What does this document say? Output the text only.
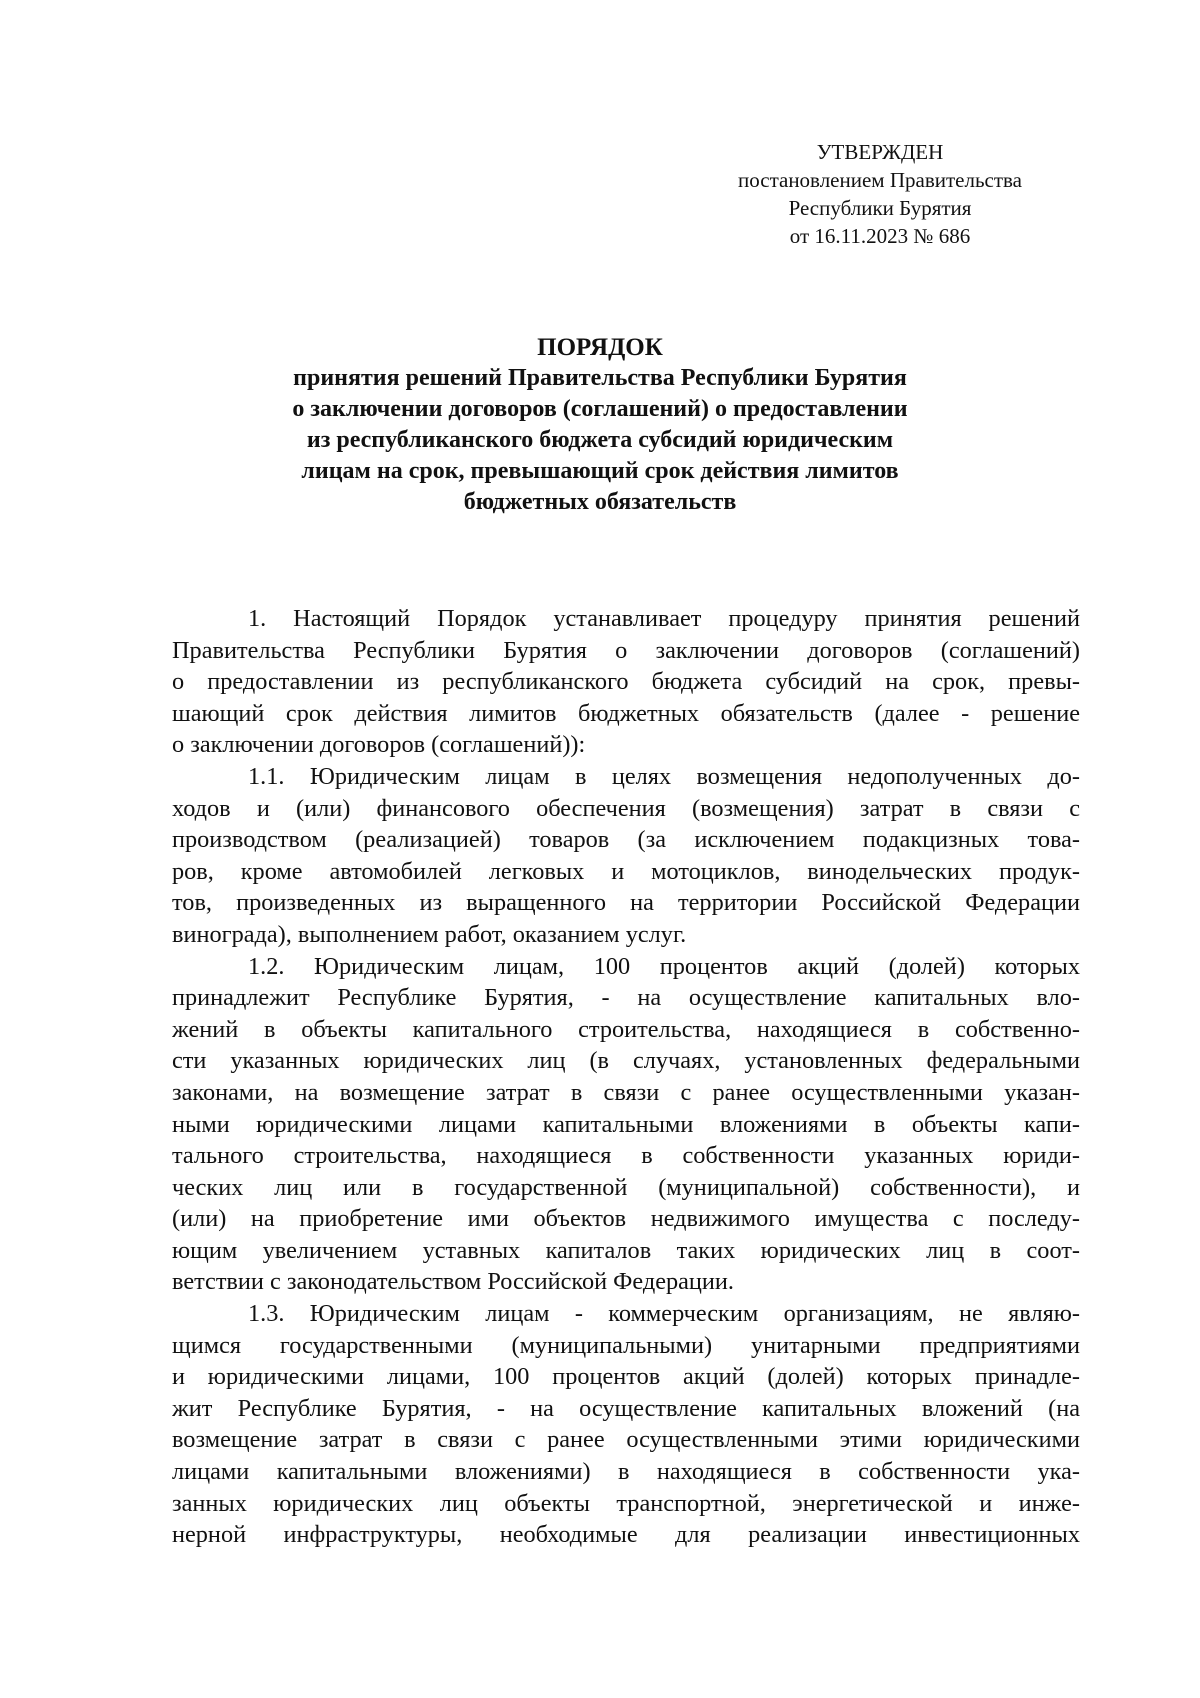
УТВЕРЖДЕН
постановлением Правительства
Республики Бурятия
от 16.11.2023 № 686
ПОРЯДОК
принятия решений Правительства Республики Бурятия
о заключении договоров (соглашений) о предоставлении
из республиканского бюджета субсидий юридическим
лицам на срок, превышающий срок действия лимитов
бюджетных обязательств
1. Настоящий Порядок устанавливает процедуру принятия решений
Правительства Республики Бурятия о заключении договоров (соглашений)
о предоставлении из республиканского бюджета субсидий на срок, превы-
шающий срок действия лимитов бюджетных обязательств (далее - решение
о заключении договоров (соглашений)):
1.1. Юридическим лицам в целях возмещения недополученных до-
ходов и (или) финансового обеспечения (возмещения) затрат в связи с
производством (реализацией) товаров (за исключением подакцизных това-
ров, кроме автомобилей легковых и мотоциклов, винодельческих продук-
тов, произведенных из выращенного на территории Российской Федерации
винограда), выполнением работ, оказанием услуг.
1.2. Юридическим лицам, 100 процентов акций (долей) которых
принадлежит Республике Бурятия, - на осуществление капитальных вло-
жений в объекты капитального строительства, находящиеся в собственно-
сти указанных юридических лиц (в случаях, установленных федеральными
законами, на возмещение затрат в связи с ранее осуществленными указан-
ными юридическими лицами капитальными вложениями в объекты капи-
тального строительства, находящиеся в собственности указанных юриди-
ческих лиц или в государственной (муниципальной) собственности), и
(или) на приобретение ими объектов недвижимого имущества с последу-
ющим увеличением уставных капиталов таких юридических лиц в соот-
ветствии с законодательством Российской Федерации.
1.3. Юридическим лицам - коммерческим организациям, не являю-
щимся государственными (муниципальными) унитарными предприятиями
и юридическими лицами, 100 процентов акций (долей) которых принадле-
жит Республике Бурятия, - на осуществление капитальных вложений (на
возмещение затрат в связи с ранее осуществленными этими юридическими
лицами капитальными вложениями) в находящиеся в собственности ука-
занных юридических лиц объекты транспортной, энергетической и инже-
нерной инфраструктуры, необходимые для реализации инвестиционных
